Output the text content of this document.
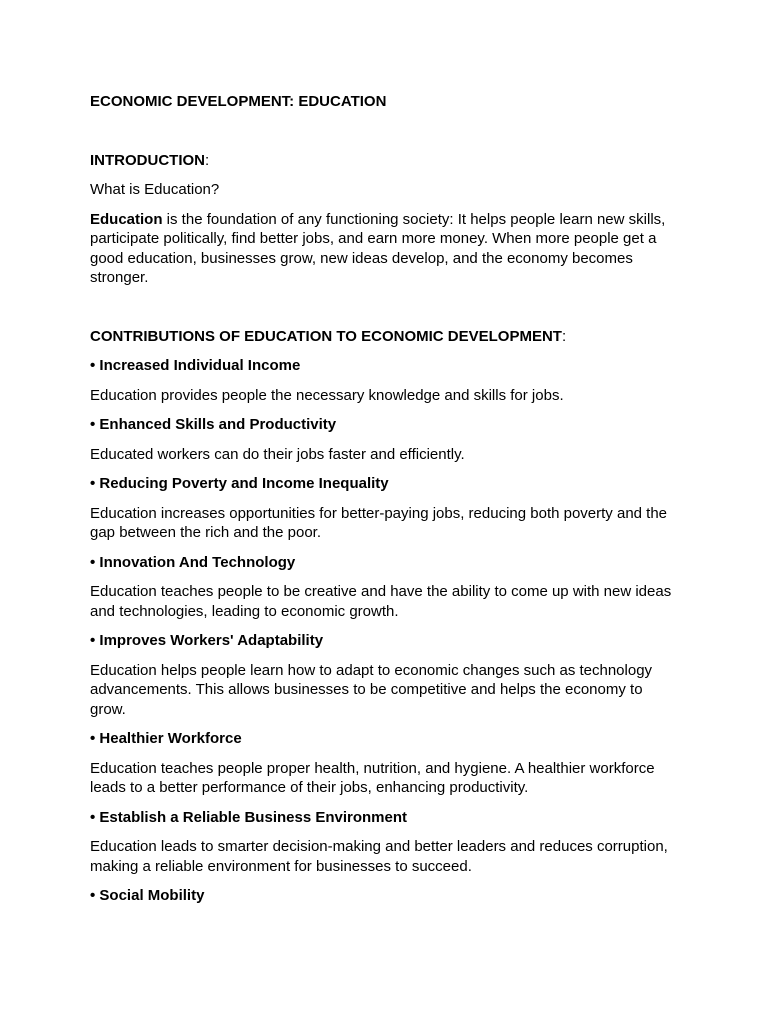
ECONOMIC DEVELOPMENT: EDUCATION
INTRODUCTION:
What is Education?
Education is the foundation of any functioning society: It helps people learn new skills, participate politically, find better jobs, and earn more money. When more people get a good education, businesses grow, new ideas develop, and the economy becomes stronger.
CONTRIBUTIONS OF EDUCATION TO ECONOMIC DEVELOPMENT:
• Increased Individual Income
Education provides people the necessary knowledge and skills for jobs.
• Enhanced Skills and Productivity
Educated workers can do their jobs faster and efficiently.
• Reducing Poverty and Income Inequality
Education increases opportunities for better-paying jobs, reducing both poverty and the gap between the rich and the poor.
• Innovation And Technology
Education teaches people to be creative and have the ability to come up with new ideas and technologies, leading to economic growth.
• Improves Workers' Adaptability
Education helps people learn how to adapt to economic changes such as technology advancements. This allows businesses to be competitive and helps the economy to grow.
• Healthier Workforce
Education teaches people proper health, nutrition, and hygiene. A healthier workforce leads to a better performance of their jobs, enhancing productivity.
• Establish a Reliable Business Environment
Education leads to smarter decision-making and better leaders and reduces corruption, making a reliable environment for businesses to succeed.
• Social Mobility
